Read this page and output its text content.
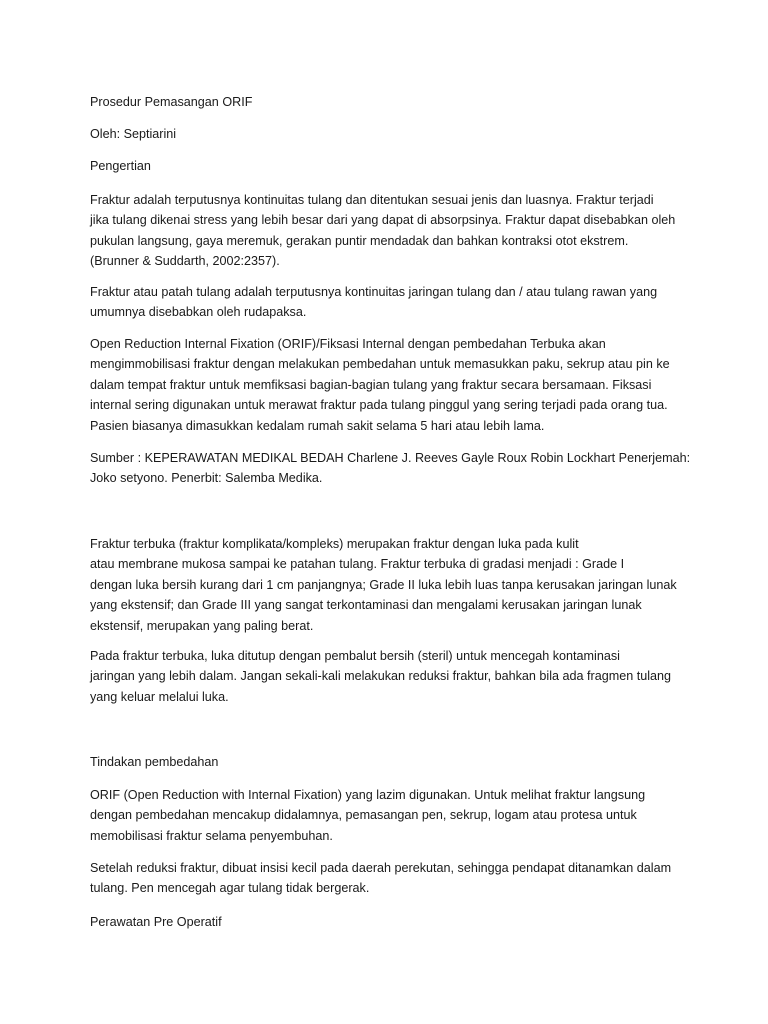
Prosedur Pemasangan ORIF
Oleh: Septiarini
Pengertian
Fraktur adalah terputusnya kontinuitas tulang dan ditentukan sesuai jenis dan luasnya. Fraktur terjadi
jika tulang dikenai stress yang lebih besar dari yang dapat di absorpsinya. Fraktur dapat disebabkan oleh
pukulan langsung, gaya meremuk, gerakan puntir mendadak dan bahkan kontraksi otot ekstrem.
(Brunner & Suddarth, 2002:2357).
Fraktur atau patah tulang adalah terputusnya kontinuitas jaringan tulang dan / atau tulang rawan yang
umumnya disebabkan oleh rudapaksa.
Open Reduction Internal Fixation (ORIF)/Fiksasi Internal dengan pembedahan Terbuka akan
mengimmobilisasi fraktur dengan melakukan pembedahan untuk memasukkan paku, sekrup atau pin ke
dalam tempat fraktur untuk memfiksasi bagian-bagian tulang yang fraktur secara bersamaan. Fiksasi
internal sering digunakan untuk merawat fraktur pada tulang pinggul yang sering terjadi pada orang tua.
Pasien biasanya dimasukkan kedalam rumah sakit selama 5 hari atau lebih lama.
Sumber : KEPERAWATAN MEDIKAL BEDAH Charlene J. Reeves Gayle Roux Robin Lockhart Penerjemah:
Joko setyono. Penerbit: Salemba Medika.
Fraktur terbuka (fraktur komplikata/kompleks) merupakan fraktur dengan luka pada kulit
atau membrane mukosa sampai ke patahan tulang. Fraktur terbuka di gradasi menjadi : Grade I
dengan luka bersih kurang dari 1 cm panjangnya; Grade II luka lebih luas tanpa kerusakan jaringan lunak
yang ekstensif; dan Grade III yang sangat terkontaminasi dan mengalami kerusakan jaringan lunak
ekstensif, merupakan yang paling berat.
Pada fraktur terbuka, luka ditutup dengan pembalut bersih (steril) untuk mencegah kontaminasi
jaringan yang lebih dalam. Jangan sekali-kali melakukan reduksi fraktur, bahkan bila ada fragmen tulang
yang keluar melalui luka.
Tindakan pembedahan
ORIF (Open Reduction with Internal Fixation) yang lazim digunakan. Untuk melihat fraktur langsung
dengan pembedahan mencakup didalamnya, pemasangan pen, sekrup, logam atau protesa untuk
memobilisasi fraktur selama penyembuhan.
Setelah reduksi fraktur, dibuat insisi kecil pada daerah perekutan, sehingga pendapat ditanamkan dalam
tulang. Pen mencegah agar tulang tidak bergerak.
Perawatan Pre Operatif
